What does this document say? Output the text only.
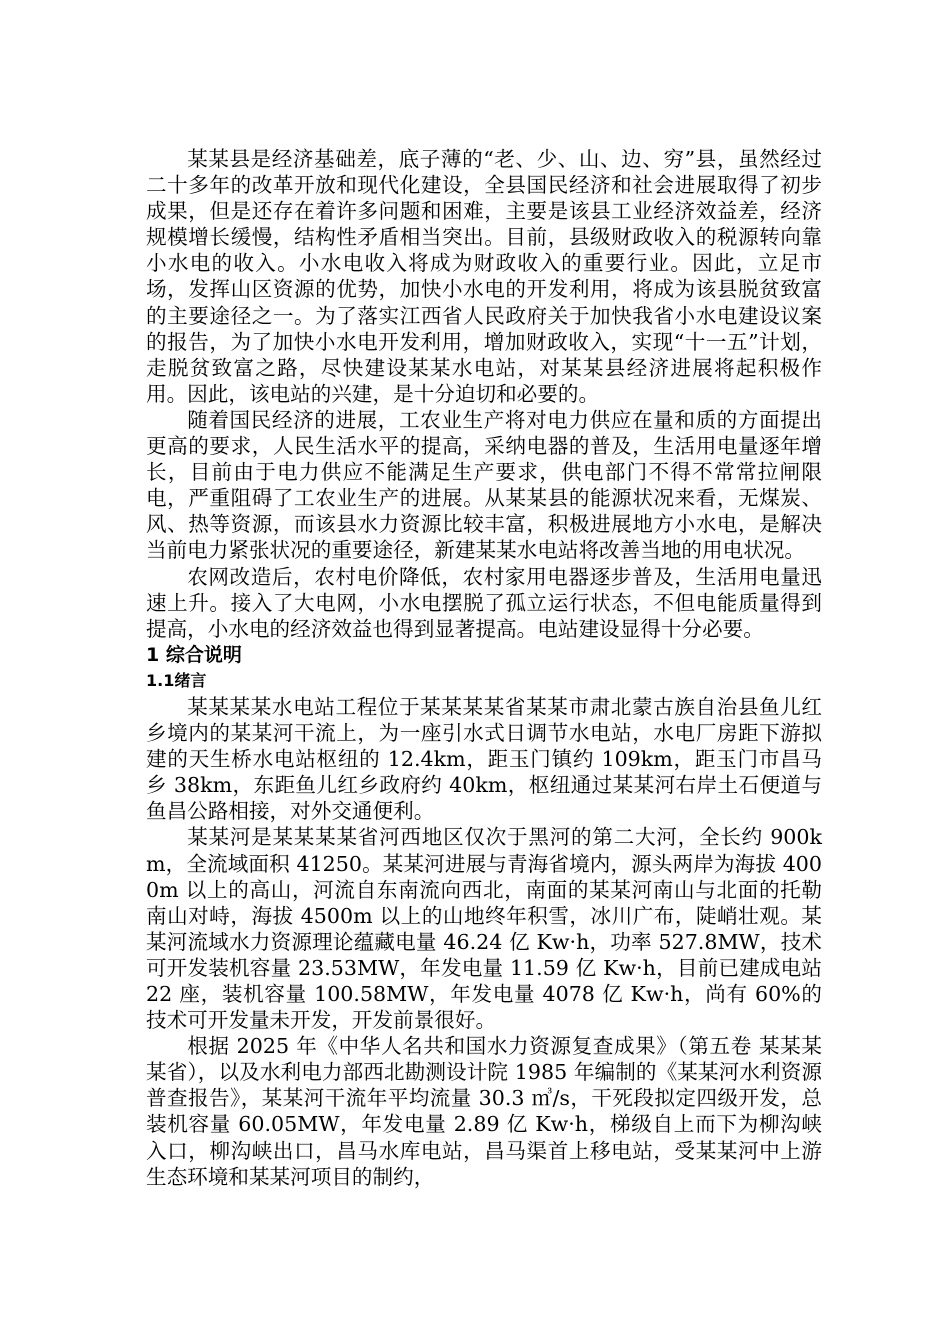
某某县是经济基础差，底子薄的“老、少、山、边、穷”县，虽然经过二十多年的改革开放和现代化建设，全县国民经济和社会进展取得了初步成果，但是还存在着许多问题和困难，主要是该县工业经济效益差，经济规模增长缓慢，结构性矛盾相当突出。目前，县级财政收入的税源转向靠小水电的收入。小水电收入将成为财政收入的重要行业。因此，立足市场，发挥山区资源的优势，加快小水电的开发利用，将成为该县脱贫致富的主要途径之一。为了落实江西省人民政府关于加快我省小水电建设议案的报告，为了加快小水电开发利用，增加财政收入，实现“十一五”计划，走脱贫致富之路，尽快建设某某水电站，对某某县经济进展将起积极作用。因此，该电站的兴建，是十分迫切和必要的。

随着国民经济的进展，工农业生产将对电力供应在量和质的方面提出更高的要求，人民生活水平的提高，采纳电器的普及，生活用电量逐年增长，目前由于电力供应不能满足生产要求，供电部门不得不常常拉闸限电，严重阻碍了工农业生产的进展。从某某县的能源状况来看，无煤炭、风、热等资源，而该县水力资源比较丰富，积极进展地方小水电，是解决当前电力紧张状况的重要途径，新建某某水电站将改善当地的用电状况。

农网改造后，农村电价降低，农村家用电器逐步普及，生活用电量迅速上升。接入了大电网，小水电摆脱了孤立运行状态，不但电能质量得到提高，小水电的经济效益也得到显著提高。电站建设显得十分必要。

1 综合说明
1.1绪言

某某某某水电站工程位于某某某某省某某市肃北蒙古族自治县鱼儿红乡境内的某某河干流上，为一座引水式日调节水电站，水电厂房距下游拟建的天生桥水电站枢纽的 12.4km，距玉门镇约 109km，距玉门市昌马乡 38km，东距鱼儿红乡政府约 40km，枢纽通过某某河右岸土石便道与鱼昌公路相接，对外交通便利。

某某河是某某某某省河西地区仅次于黑河的第二大河，全长约 900km，全流域面积 41250。某某河进展与青海省境内，源头两岸为海拔 4000m 以上的高山，河流自东南流向西北，南面的某某河南山与北面的托勒南山对峙，海拔 4500m 以上的山地终年积雪，冰川广布，陡峭壮观。某某河流域水力资源理论蕴藏电量 46.24 亿 Kw·h，功率 527.8MW，技术可开发装机容量 23.53MW，年发电量 11.59 亿 Kw·h，目前已建成电站 22 座，装机容量 100.58MW，年发电量 4078 亿 Kw·h，尚有 60%的技术可开发量未开发，开发前景很好。

根据 2025 年《中华人名共和国水力资源复查成果》（第五卷 某某某某省），以及水利电力部西北勘测设计院 1985 年编制的《某某河水利资源普查报告》，某某河干流年平均流量 30.3 ㎥/s，干死段拟定四级开发，总装机容量 60.05MW，年发电量 2.89 亿 Kw·h，梯级自上而下为柳沟峡入口，柳沟峡出口，昌马水库电站，昌马渠首上移电站，受某某河中上游生态环境和某某河项目的制约，
